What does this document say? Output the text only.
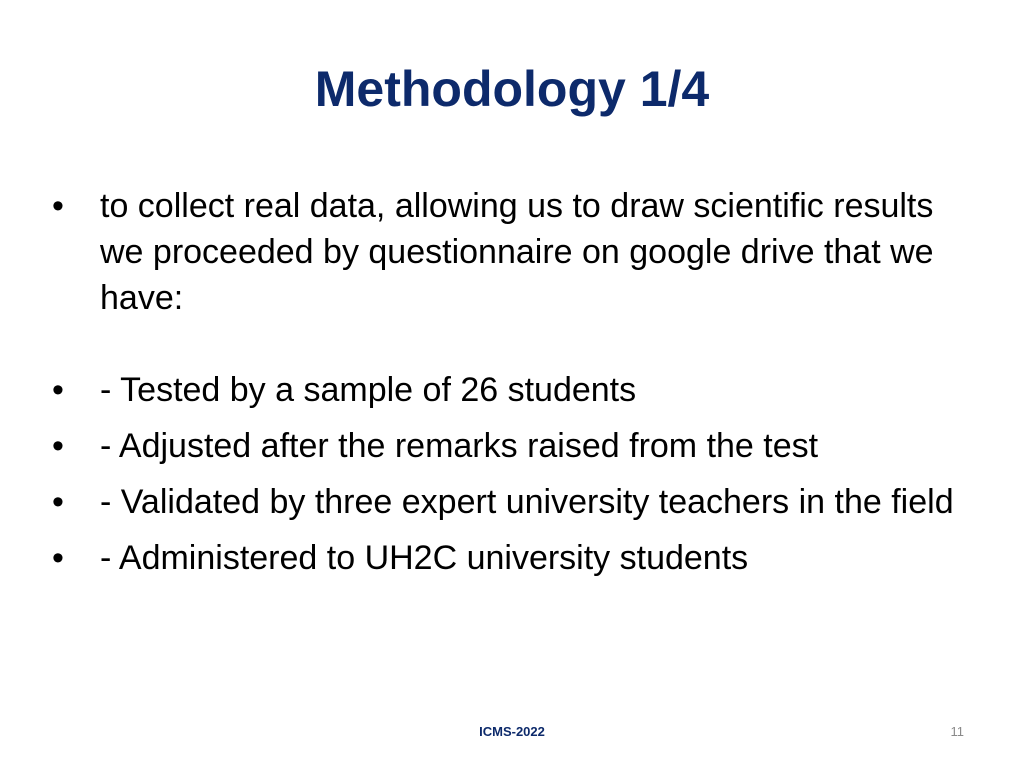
Methodology 1/4
• to collect real data, allowing us to draw scientific results we proceeded by questionnaire on google drive that we have:
• - Tested by a sample of 26 students
• - Adjusted after the remarks raised from the test
• - Validated by three expert university teachers in the field
• - Administered to UH2C university students
ICMS-2022	11
